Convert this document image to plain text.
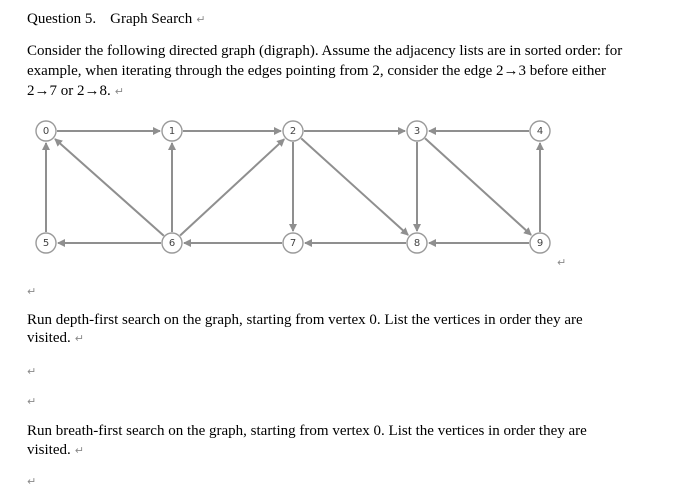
Question 5. Graph Search ↵
Consider the following directed graph (digraph). Assume the adjacency lists are in sorted order: for
example, when iterating through the edges pointing from 2, consider the edge 2→3 before either
2→7 or 2→8. ↵
0	1	2	3	4
5	6	7	8	9
↵
↵
Run depth-first search on the graph, starting from vertex 0. List the vertices in order they are
visited. ↵
↵
↵
Run breath-first search on the graph, starting from vertex 0. List the vertices in order they are
visited. ↵
↵
